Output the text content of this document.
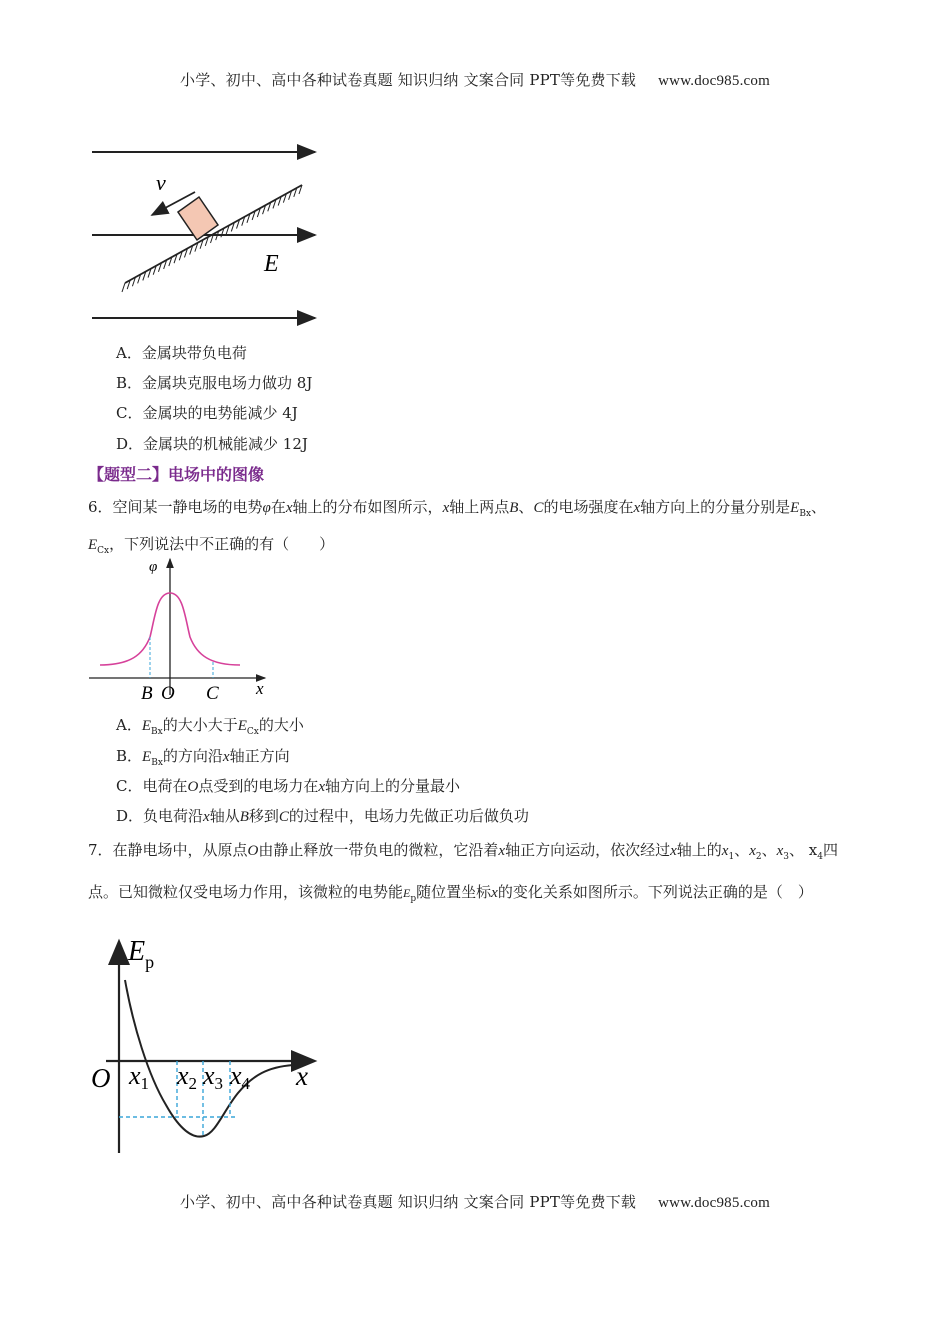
小学、初中、高中各种试卷真题 知识归纳 文案合同 PPT等免费下载 www.doc985.com
v
E
A．金属块带负电荷
B．金属块克服电场力做功 8J
C．金属块的电势能减少 4J
D．金属块的机械能减少 12J
【题型二】电场中的图像
6．空间某一静电场的电势φ在x轴上的分布如图所示，x轴上两点B、C的电场强度在x轴方向上的分量分别是$E_{Bx}$、$E_{Cx}$，下列说法中不正确的有（　　）
φ
B O C x
A．$E_{Bx}$的大小大于$E_{Cx}$的大小
B．$E_{Bx}$的方向沿x轴正方向
C．电荷在O点受到的电场力在x轴方向上的分量最小
D．负电荷沿x轴从B移到C的过程中，电场力先做正功后做负功
7．在静电场中，从原点O由静止释放一带负电的微粒，它沿着x轴正方向运动，依次经过x轴上的$x_1$、$x_2$、$x_3$、 $x_4$四点。已知微粒仅受电场力作用，该微粒的电势能$E_p$随位置坐标x的变化关系如图所示。下列说法正确的是（　）
$E_p$
O x1 x2 x3 x4 x
小学、初中、高中各种试卷真题 知识归纳 文案合同 PPT等免费下载 www.doc985.com
